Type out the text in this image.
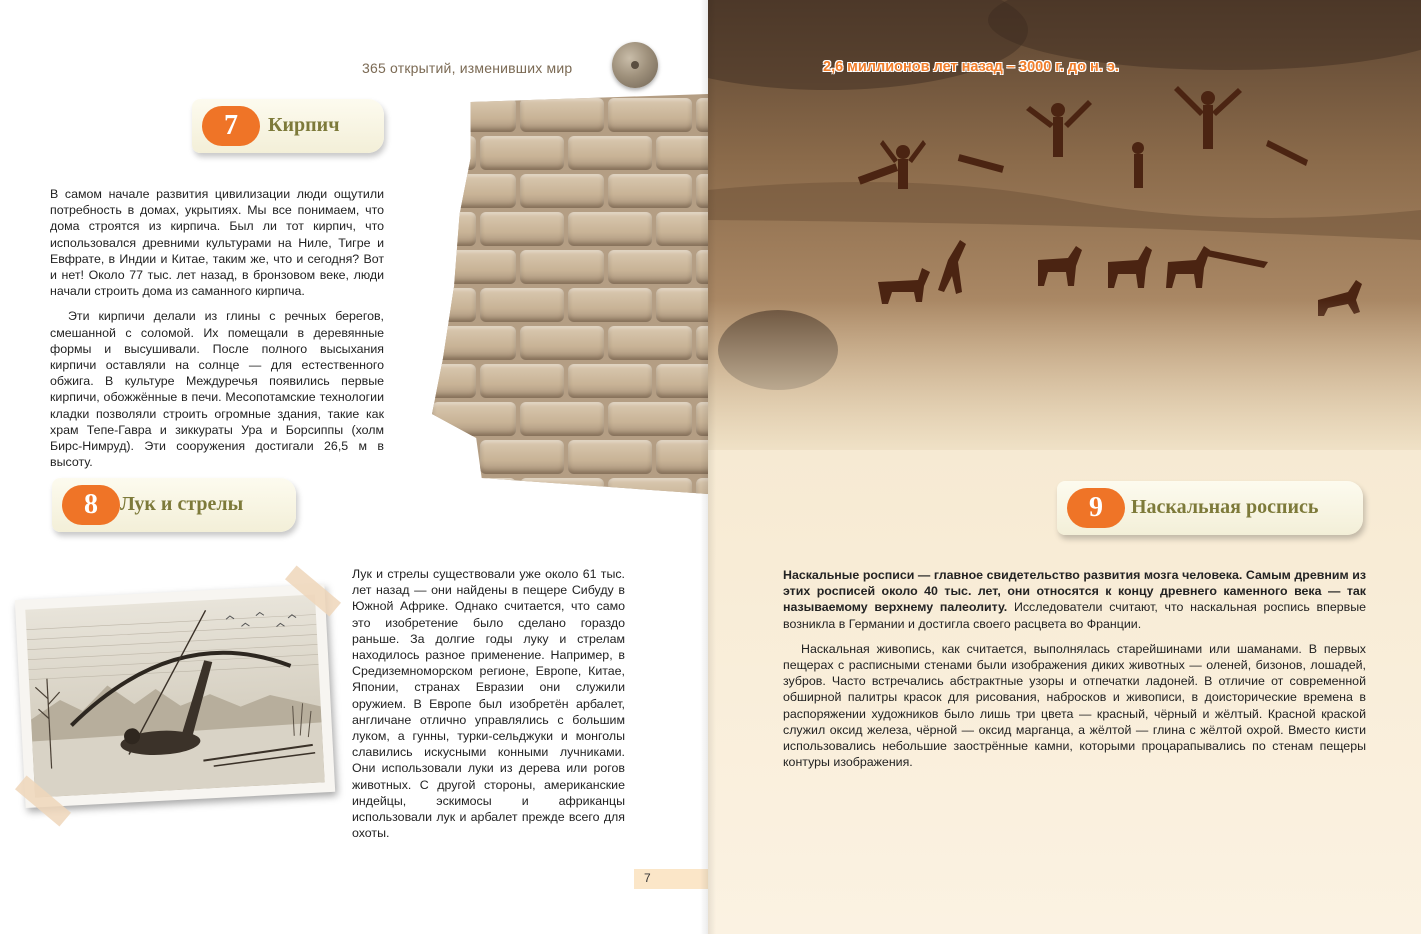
365 открытий, изменивших мир
7	Кирпич

В самом начале развития цивилизации люди ощутили потребность в домах, укрытиях. Мы все понимаем, что дома строятся из кирпича. Был ли тот кирпич, что использовался древними культурами на Ниле, Тигре и Евфрате, в Индии и Китае, таким же, что и сегодня? Вот и нет! Около 77 тыс. лет назад, в бронзовом веке, люди начали строить дома из саманного кирпича.

Эти кирпичи делали из глины с речных берегов, смешанной с соломой. Их помещали в деревянные формы и высушивали. После полного высыхания кирпичи оставляли на солнце — для естественного обжига. В культуре Междуречья появились первые кирпичи, обожжённые в печи. Месопотамские технологии кладки позволяли строить огромные здания, такие как храм Тепе-Гавра и зиккураты Ура и Борсиппы (холм Бирс-Нимруд). Эти сооружения достигали 26,5 м в высоту.

8	Лук и стрелы

Лук и стрелы существовали уже около 61 тыс. лет назад — они найдены в пещере Сибуду в Южной Африке. Однако считается, что само это изобретение было сделано гораздо раньше. За долгие годы луку и стрелам находилось разное применение. Например, в Средиземноморском регионе, Европе, Китае, Японии, странах Евразии они служили оружием. В Европе был изобретён арбалет, англичане отлично управлялись с большим луком, а гунны, турки-сельджуки и монголы славились искусными конными лучниками. Они использовали луки из дерева или рогов животных. С другой стороны, американские индейцы, эскимосы и африканцы использовали лук и арбалет прежде всего для охоты.

7
2,6 миллионов лет назад – 3000 г. до н. э.
9	Наскальная роспись

Наскальные росписи — главное свидетельство развития мозга человека. Самым древним из этих росписей около 40 тыс. лет, они относятся к концу древнего каменного века — так называемому верхнему палеолиту. Исследователи считают, что наскальная роспись впервые возникла в Германии и достигла своего расцвета во Франции.

Наскальная живопись, как считается, выполнялась старейшинами или шаманами. В первых пещерах с расписными стенами были изображения диких животных — оленей, бизонов, лошадей, зубров. Часто встречались абстрактные узоры и отпечатки ладоней. В отличие от современной обширной палитры красок для рисования, набросков и живописи, в доисторические времена в распоряжении художников было лишь три цвета — красный, чёрный и жёлтый. Красной краской служил оксид железа, чёрной — оксид марганца, а жёлтой — глина с жёлтой охрой. Вместо кисти использовались небольшие заострённые камни, которыми процарапывались по стенам пещеры контуры изображения.
